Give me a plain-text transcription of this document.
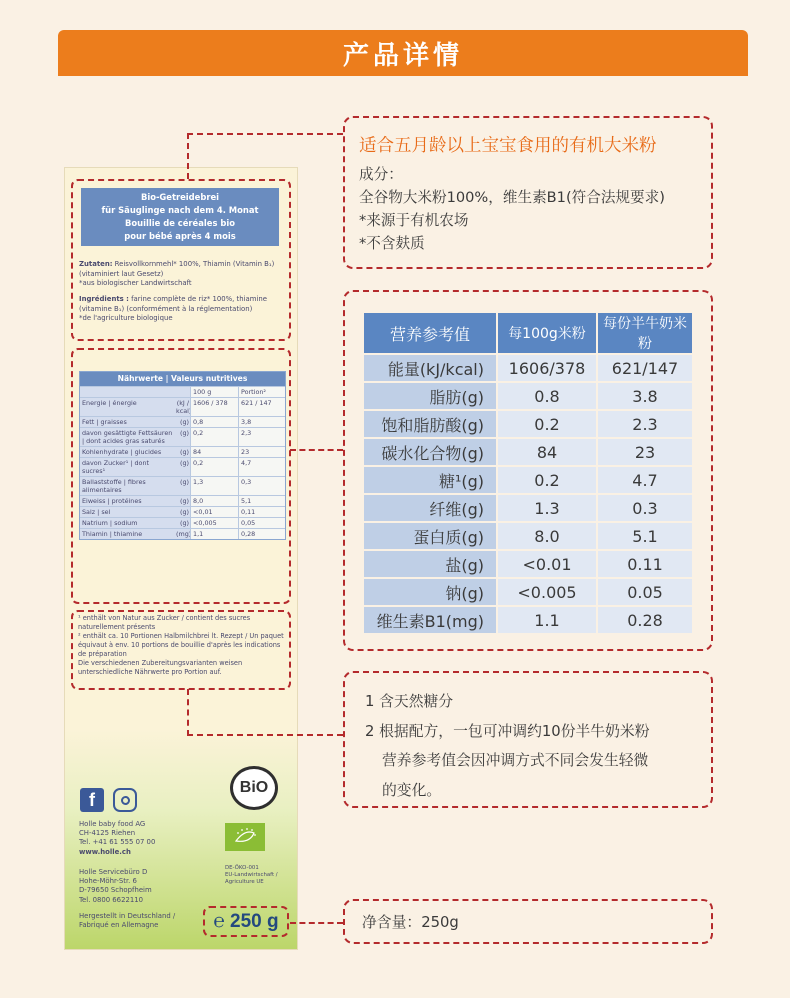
产品详情
Bio-Getreidebrei
für Säuglinge nach dem 4. Monat
Bouillie de céréales bio
pour bébé après 4 mois
Zutaten: Reisvollkornmehl* 100%, Thiamin (Vitamin B₁) (vitaminiert laut Gesetz)
*aus biologischer Landwirtschaft
Ingrédients : farine complète de riz* 100%, thiamine (vitamine B₁) (conformément à la réglementation)
*de l'agriculture biologique
Nährwerte | Valeurs nutritives
100 g	Portion²
Energie | énergie	(kJ / kcal)
1606 / 378	621 / 147
Fett | graisses	(g) 0,8	3,8
davon gesättigte Fettsäuren | dont acides gras saturés
(g) 0,2	2,3
Kohlenhydrate | glucides	(g) 84	23
davon Zucker¹ | dont sucres¹
(g) 0,2	4,7
Ballaststoffe | fibres alimentaires
(g) 1,3	0,3
Eiweiss | protéines	(g) 8,0	5,1
Salz | sel	(g) <0,01	0,11
Natrium | sodium	(g) <0,005	0,05
Thiamin | thiamine	(mg) 1,1	0,28
¹ enthält von Natur aus Zucker / contient des sucres naturellement présents
² enthält ca. 10 Portionen Halbmilchbrei lt. Rezept / Un paquet équivaut à env. 10 portions de bouillie d'après les indications de préparation
Die verschiedenen Zubereitungsvarianten weisen unterschiedliche Nährwerte pro Portion auf.
f
BiO
DE-ÖKO-001
EU-Landwirtschaft / Agriculture UE
Holle baby food AG
CH-4125 Riehen
Tel. +41 61 555 07 00
www.holle.ch
Holle Servicebüro D
Hohe-Möhr-Str. 6
D-79650 Schopfheim
Tel. 0800 6622110
Hergestellt in Deutschland /
Fabriqué en Allemagne	℮ 250 g
适合五月龄以上宝宝食用的有机大米粉
成分：
全谷物大米粉100%，维生素B1(符合法规要求)
*来源于有机农场
*不含麸质
营养参考值	每100g米粉	每份半牛奶米粉
能量(kJ/kcal)	1606/378	621/147
脂肪(g)	0.8	3.8
饱和脂肪酸(g)	0.2	2.3
碳水化合物(g)	84	23
糖¹(g)	0.2	4.7
纤维(g)	1.3	0.3
蛋白质(g)	8.0	5.1
盐(g)	<0.01	0.11
钠(g)	<0.005	0.05
维生素B1(mg)	1.1	0.28
1 含天然糖分
2 根据配方，一包可冲调约10份半牛奶米粉
营养参考值会因冲调方式不同会发生轻微
的变化。
净含量：250g
